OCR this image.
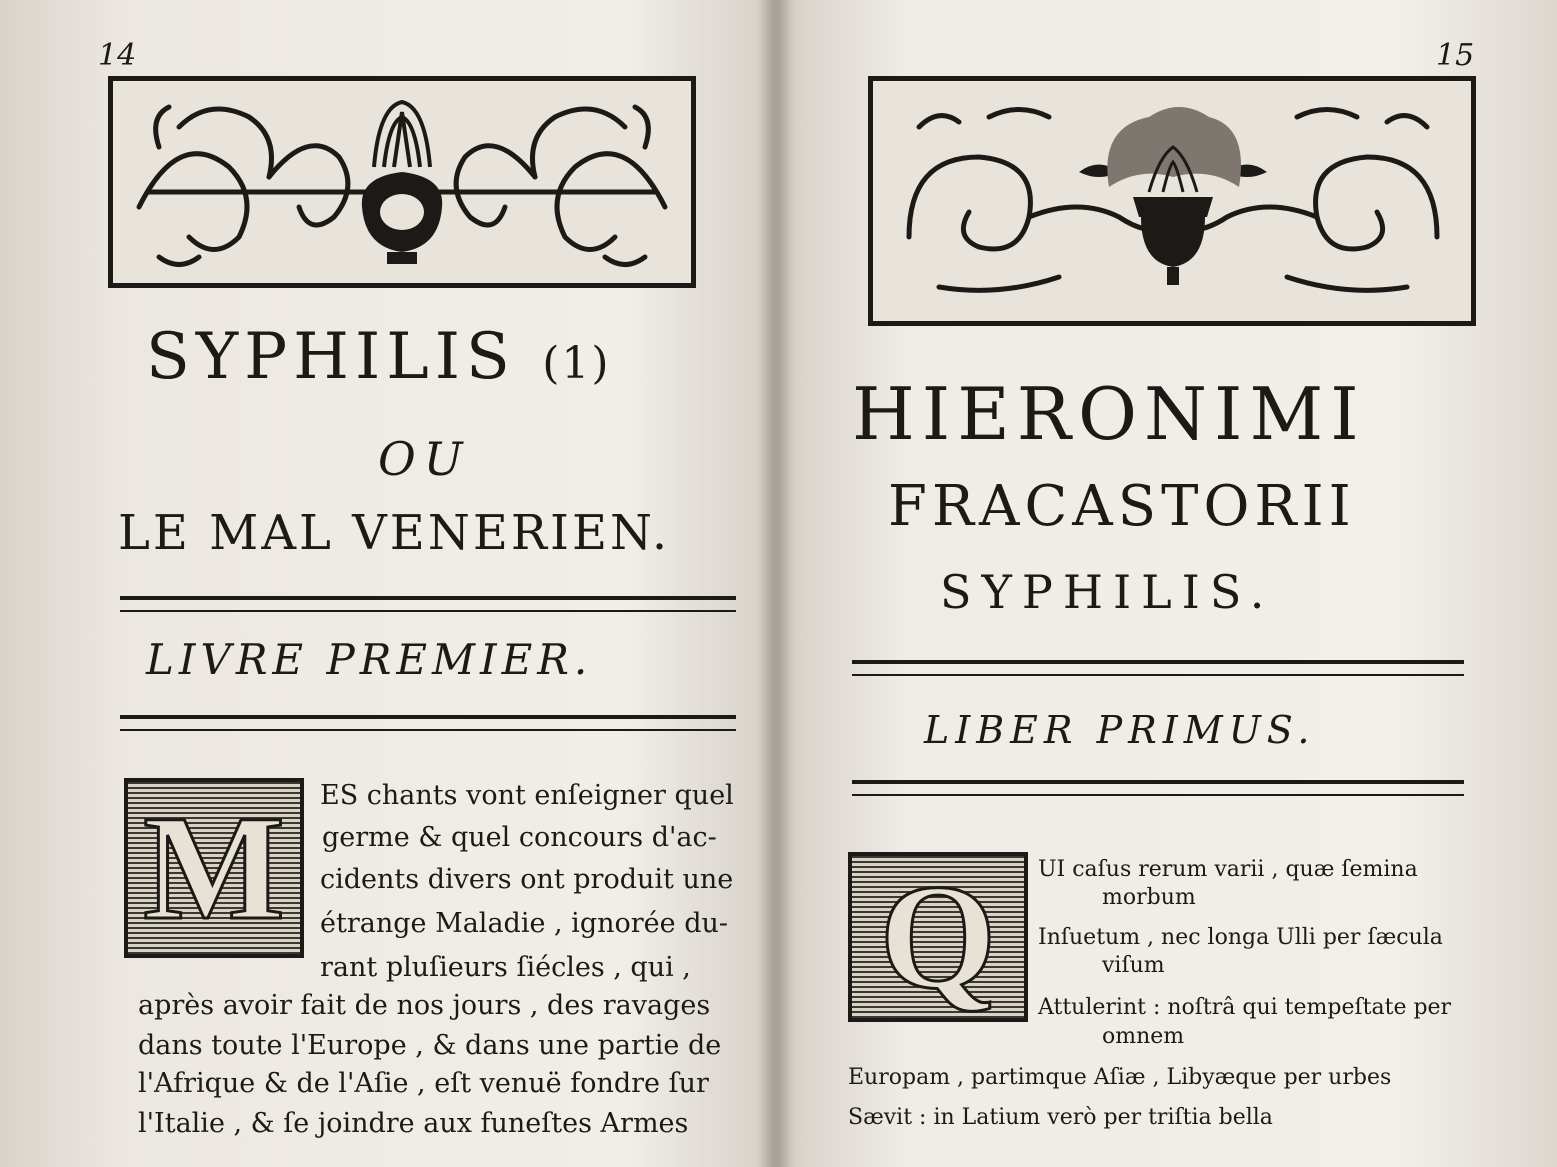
14
SYPHILIS (1)
OU
LE MAL VENERIEN.
LIVRE PREMIER.
M ES chants vont enſeigner quel
germe & quel concours d'ac-
cidents divers ont produit une
étrange Maladie , ignorée du-
rant pluſieurs ſiécles , qui ,
après avoir fait de nos jours , des ravages
dans toute l'Europe , & dans une partie de
l'Afrique & de l'Aſie , eſt venuë fondre ſur
l'Italie , & ſe joindre aux funeſtes Armes
15
HIERONIMI
FRACASTORII
SYPHILIS.
LIBER PRIMUS.
Q UI caſus rerum varii , quæ ſemina
morbum
Inſuetum , nec longa Ulli per ſæcula
viſum
Attulerint : noſtrâ qui tempeſtate per
omnem
Europam , partimque Aſiæ , Libyæque per urbes
Sævit : in Latium verò per triſtia bella
